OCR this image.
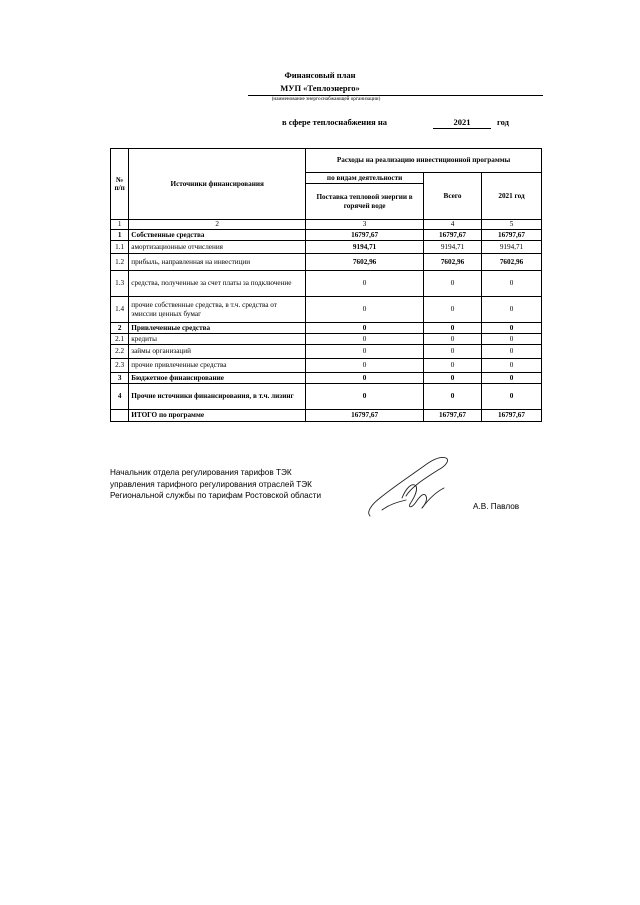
Финансовый план
МУП «Теплоэнерго»
(наименование энергоснабжающей организации)
в сфере теплоснабжения на	2021	год
№ п/п	Источники финансирования	Расходы на реализацию инвестиционной программы		
		по видам деятельности	Всего	2021 год
		Поставка тепловой энергии в горячей воде		
1	2	3	4	5
1	Собственные средства	16797,67	16797,67	16797,67
1.1	амортизационные отчисления	9194,71	9194,71	9194,71
1.2	прибыль, направленная на инвестиции	7602,96	7602,96	7602,96
1.3	средства, полученные за счет платы за подключение	0	0	0
1.4	прочие собственные средства, в т.ч. средства от эмиссии ценных бумаг	0	0	0
2	Привлеченные средства	0	0	0
2.1	кредиты	0	0	0
2.2	займы организаций	0	0	0
2.3	прочие привлеченные средства	0	0	0
3	Бюджетное финансирование	0	0	0
4	Прочие источники финансирования, в т.ч. лизинг	0	0	0
	ИТОГО по программе	16797,67	16797,67	16797,67
Начальник отдела регулирования тарифов ТЭК
управления тарифного регулирования отраслей ТЭК
Региональной службы по тарифам Ростовской области
А.В. Павлов
